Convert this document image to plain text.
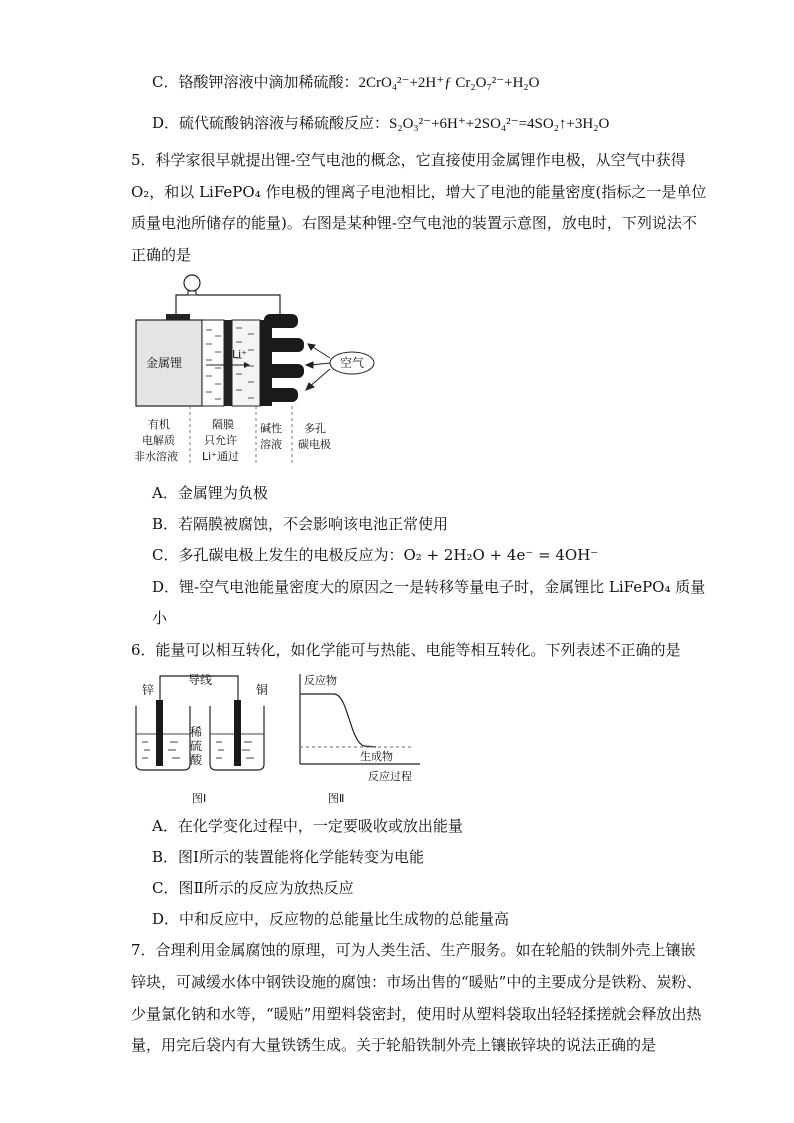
C．铬酸钾溶液中滴加稀硫酸：2CrO₄²⁻+2H⁺ƒ Cr₂O₇²⁻+H₂O
D．硫代硫酸钠溶液与稀硫酸反应：S₂O₃²⁻+6H⁺+2SO₄²⁻=4SO₂↑+3H₂O
5．科学家很早就提出锂-空气电池的概念，它直接使用金属锂作电极，从空气中获得
O₂，和以 LiFePO₄ 作电极的锂离子电池相比，增大了电池的能量密度(指标之一是单位
质量电池所储存的能量)。右图是某种锂-空气电池的装置示意图，放电时，下列说法不
正确的是
Li⁺
金属锂	空气
有机
电解质
非水溶液
隔膜
只允许
Li⁺通过
碱性
溶液
多孔
碳电极
A．金属锂为负极
B．若隔膜被腐蚀，不会影响该电池正常使用
C．多孔碳电极上发生的电极反应为：O₂ + 2H₂O + 4e⁻ = 4OH⁻
D．锂-空气电池能量密度大的原因之一是转移等量电子时，金属锂比 LiFePO₄ 质量
小
6．能量可以相互转化，如化学能可与热能、电能等相互转化。下列表述不正确的是
锌
导线
铜
稀
硫
酸
图Ⅰ
反应物
生成物
反应过程
图Ⅱ
A．在化学变化过程中，一定要吸收或放出能量
B．图Ⅰ所示的装置能将化学能转变为电能
C．图Ⅱ所示的反应为放热反应
D．中和反应中，反应物的总能量比生成物的总能量高
7．合理利用金属腐蚀的原理，可为人类生活、生产服务。如在轮船的铁制外壳上镶嵌
锌块，可减缓水体中钢铁设施的腐蚀：市场出售的“暖贴”中的主要成分是铁粉、炭粉、
少量氯化钠和水等，“暖贴”用塑料袋密封，使用时从塑料袋取出轻轻揉搓就会释放出热
量，用完后袋内有大量铁锈生成。关于轮船铁制外壳上镶嵌锌块的说法正确的是
